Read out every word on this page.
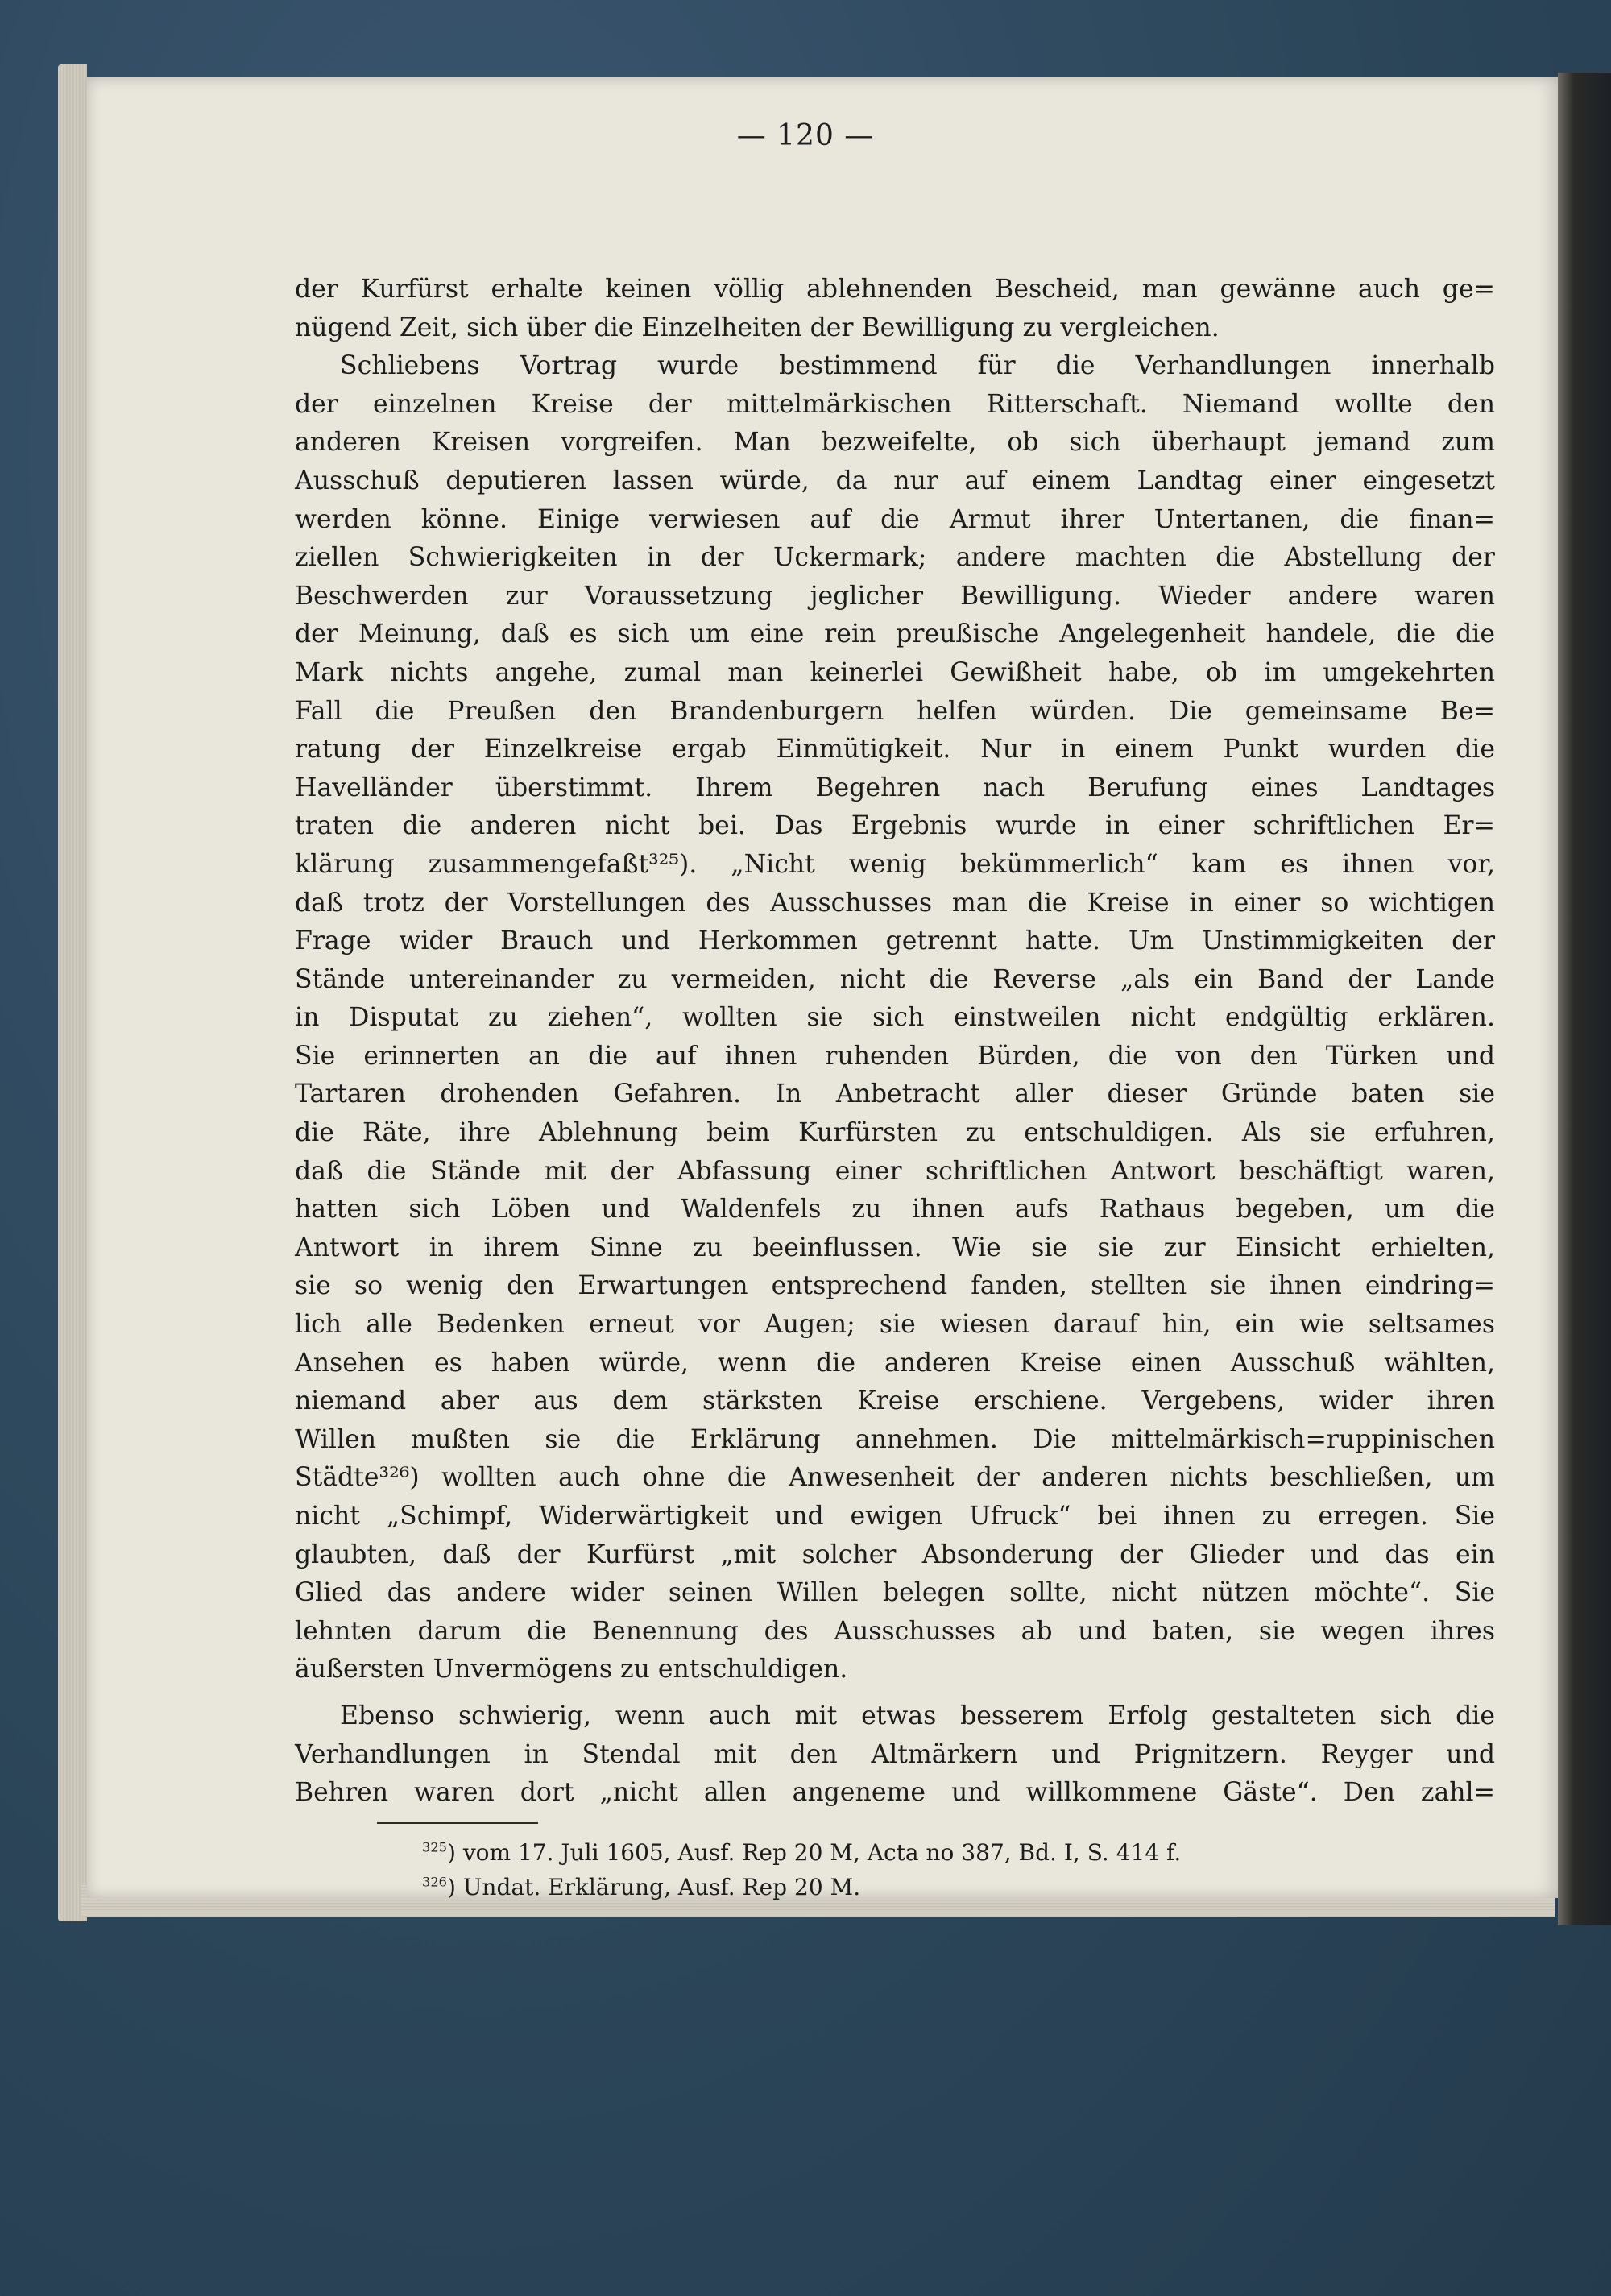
— 120 —
der Kurfürst erhalte keinen völlig ablehnenden Bescheid, man gewänne auch ge=
nügend Zeit, sich über die Einzelheiten der Bewilligung zu vergleichen.
Schliebens Vortrag wurde bestimmend für die Verhandlungen innerhalb
der einzelnen Kreise der mittelmärkischen Ritterschaft. Niemand wollte den
anderen Kreisen vorgreifen. Man bezweifelte, ob sich überhaupt jemand zum
Ausschuß deputieren lassen würde, da nur auf einem Landtag einer eingesetzt
werden könne. Einige verwiesen auf die Armut ihrer Untertanen, die finan=
ziellen Schwierigkeiten in der Uckermark; andere machten die Abstellung der
Beschwerden zur Voraussetzung jeglicher Bewilligung. Wieder andere waren
der Meinung, daß es sich um eine rein preußische Angelegenheit handele, die die
Mark nichts angehe, zumal man keinerlei Gewißheit habe, ob im umgekehrten
Fall die Preußen den Brandenburgern helfen würden. Die gemeinsame Be=
ratung der Einzelkreise ergab Einmütigkeit. Nur in einem Punkt wurden die
Havelländer überstimmt. Ihrem Begehren nach Berufung eines Landtages
traten die anderen nicht bei. Das Ergebnis wurde in einer schriftlichen Er=
klärung zusammengefaßt³²⁵). „Nicht wenig bekümmerlich“ kam es ihnen vor,
daß trotz der Vorstellungen des Ausschusses man die Kreise in einer so wichtigen
Frage wider Brauch und Herkommen getrennt hatte. Um Unstimmigkeiten der
Stände untereinander zu vermeiden, nicht die Reverse „als ein Band der Lande
in Disputat zu ziehen“, wollten sie sich einstweilen nicht endgültig erklären.
Sie erinnerten an die auf ihnen ruhenden Bürden, die von den Türken und
Tartaren drohenden Gefahren. In Anbetracht aller dieser Gründe baten sie
die Räte, ihre Ablehnung beim Kurfürsten zu entschuldigen. Als sie erfuhren,
daß die Stände mit der Abfassung einer schriftlichen Antwort beschäftigt waren,
hatten sich Löben und Waldenfels zu ihnen aufs Rathaus begeben, um die
Antwort in ihrem Sinne zu beeinflussen. Wie sie sie zur Einsicht erhielten,
sie so wenig den Erwartungen entsprechend fanden, stellten sie ihnen eindring=
lich alle Bedenken erneut vor Augen; sie wiesen darauf hin, ein wie seltsames
Ansehen es haben würde, wenn die anderen Kreise einen Ausschuß wählten,
niemand aber aus dem stärksten Kreise erschiene. Vergebens, wider ihren
Willen mußten sie die Erklärung annehmen. Die mittelmärkisch=ruppinischen
Städte³²⁶) wollten auch ohne die Anwesenheit der anderen nichts beschließen, um
nicht „Schimpf, Widerwärtigkeit und ewigen Ufruck“ bei ihnen zu erregen. Sie
glaubten, daß der Kurfürst „mit solcher Absonderung der Glieder und das ein
Glied das andere wider seinen Willen belegen sollte, nicht nützen möchte“. Sie
lehnten darum die Benennung des Ausschusses ab und baten, sie wegen ihres
äußersten Unvermögens zu entschuldigen.
Ebenso schwierig, wenn auch mit etwas besserem Erfolg gestalteten sich die
Verhandlungen in Stendal mit den Altmärkern und Prignitzern. Reyger und
Behren waren dort „nicht allen angeneme und willkommene Gäste“. Den zahl=
$^{325}$) vom 17. Juli 1605, Ausf. Rep 20 M, Acta no 387, Bd. I, S. 414 f.
$^{326}$) Undat. Erklärung, Ausf. Rep 20 M.
